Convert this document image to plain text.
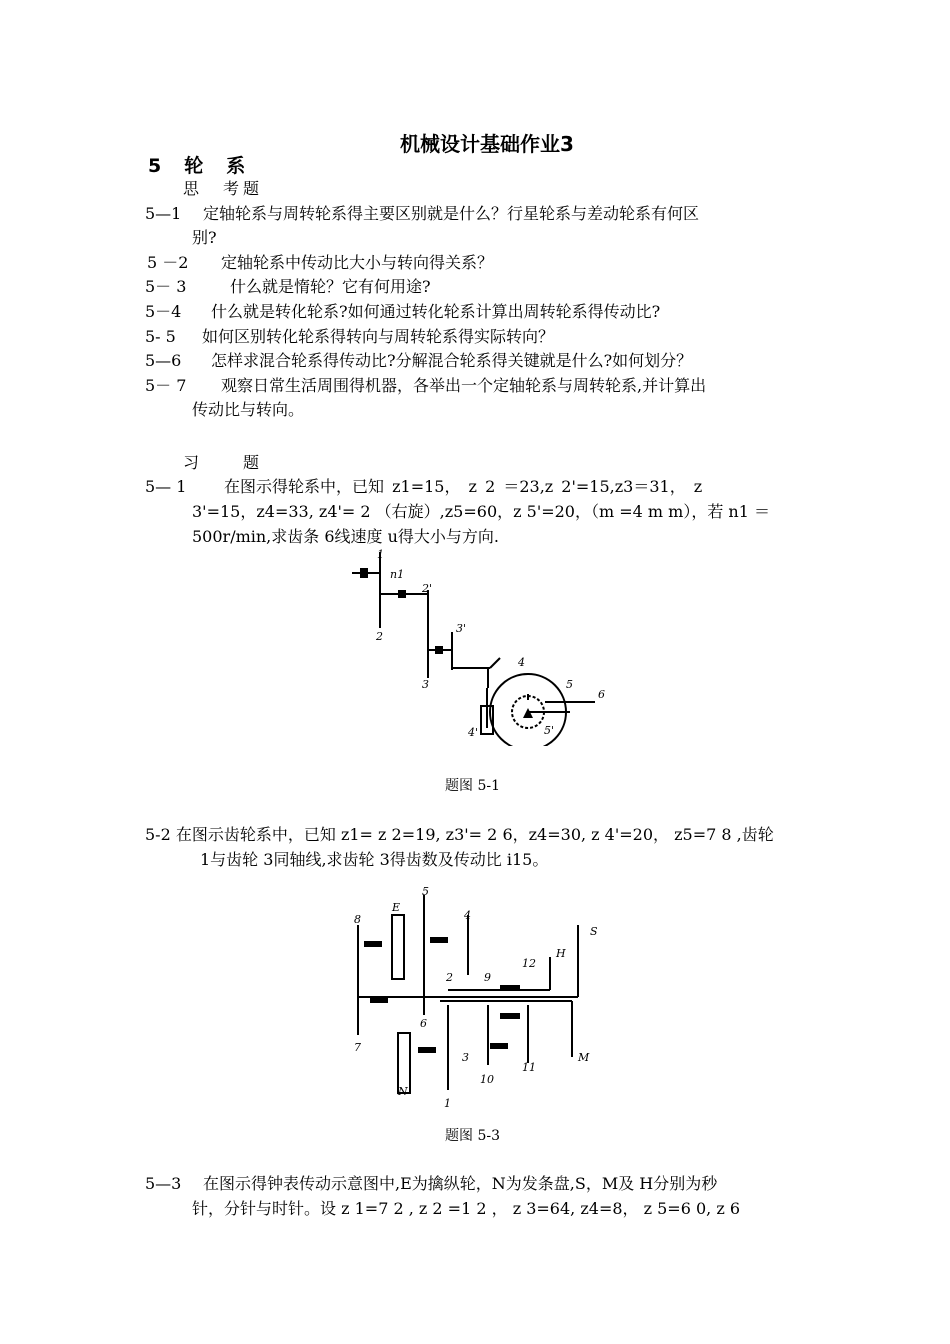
机械设计基础作业3
5　轮　系
思　考题
5—1 定轴轮系与周转轮系得主要区别就是什么？行星轮系与差动轮系有何区
别?
5 －2 定轴轮系中传动比大小与转向得关系？
5－ 3	什么就是惰轮？它有何用途?
5－4 什么就是转化轮系?如何通过转化轮系计算出周转轮系得传动比?
5- 5 如何区别转化轮系得转向与周转轮系得实际转向？
5—6 怎样求混合轮系得传动比?分解混合轮系得关键就是什么?如何划分？
5－ 7 观察日常生活周围得机器，各举出一个定轴轮系与周转轮系,并计算出
传动比与转向。
习　　题
5— 1 在图示得轮系中，已知 z1=15， z 2 ＝23,z 2'=15,z3＝31， z
3'=15，z4=33, z4'= 2 （右旋）,z5=60，z 5'=20，（m =4 m m），若 n1 ＝
500r/min,求齿条 6线速度 u得大小与方向.
1
n1
2'
2
3'
3
4
5
6
4'	5'
题图 5-1
5-2 在图示齿轮系中，已知 z1= z 2=19, z3'= 2 6，z4=30, z 4'=20， z5=7 8 ,齿轮
1与齿轮 3同轴线,求齿轮 3得齿数及传动比 i15。
8
E
5
4
S
H
2	9
12
6
7
3
10
11
M
N
1
题图 5-3
5—3 在图示得钟表传动示意图中,E为擒纵轮，N为发条盘,S，M及 H分别为秒
针，分针与时针。设 z 1=7 2 , z 2 =1 2 ， z 3=64, z4=8， z 5=6 0, z 6
